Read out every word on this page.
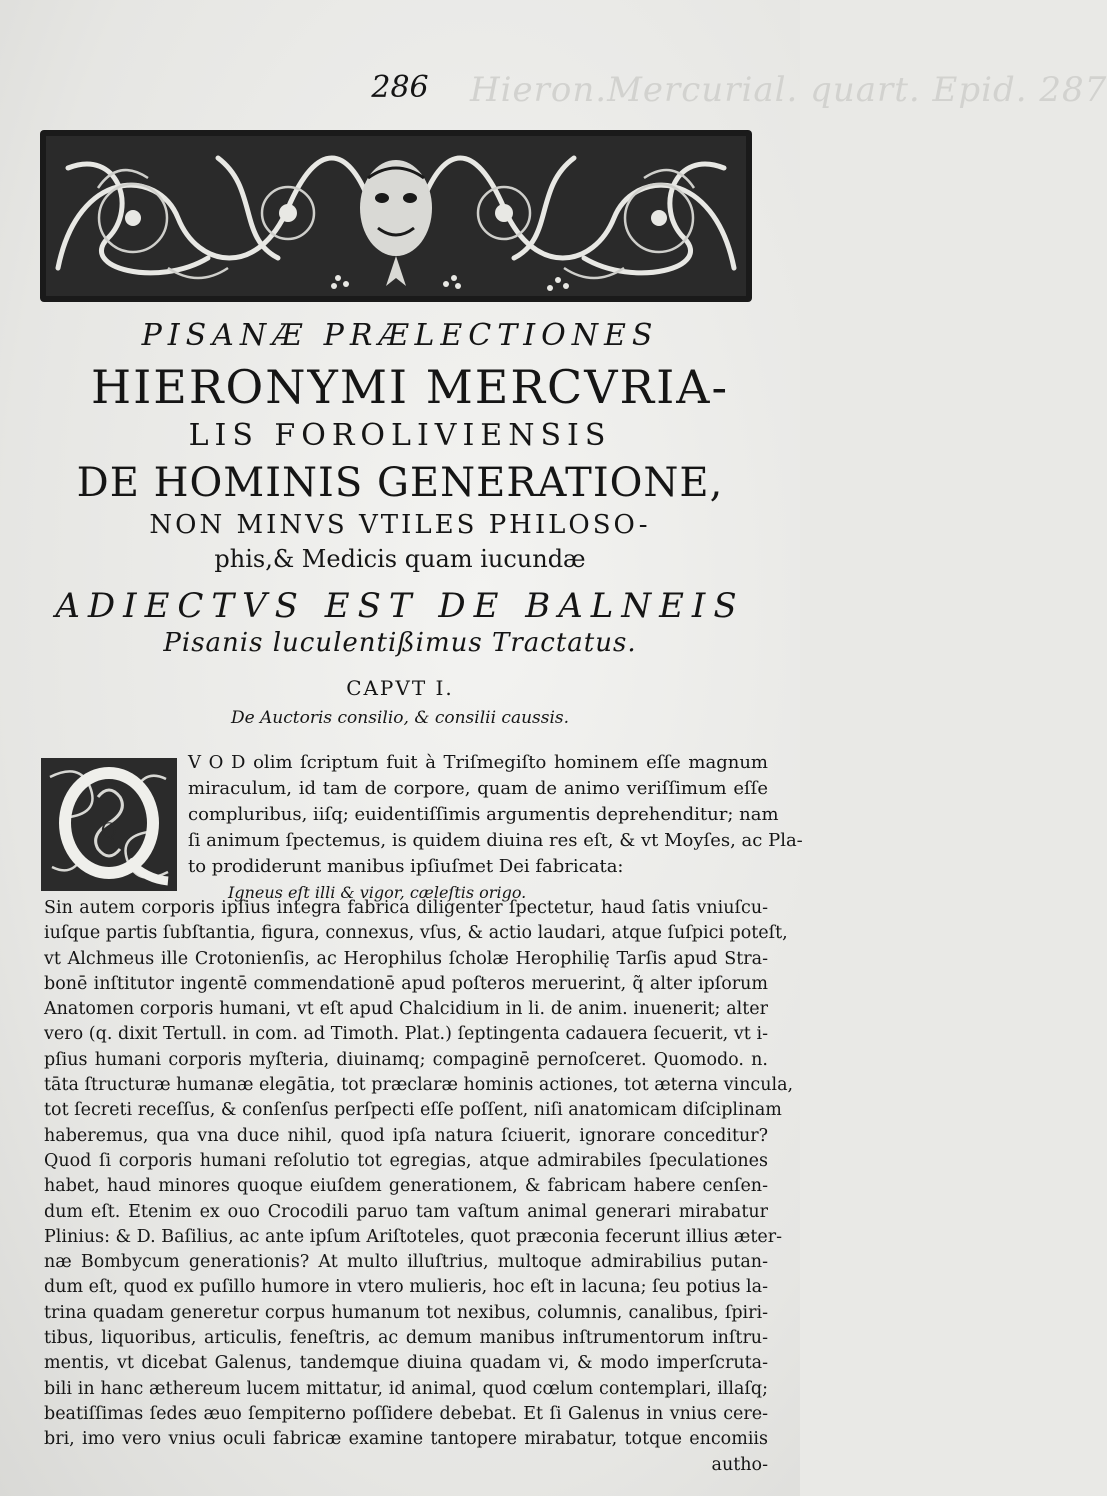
Hieron.Mercurial. quart. Epid. 287
286
PISANÆ PRÆLECTIONES
HIERONYMI MERCVRIA-
LIS FOROLIVIENSIS
DE HOMINIS GENERATIONE,
NON MINVS VTILES PHILOSO-
phis,& Medicis quam iucundæ
ADIECTVS EST DE BALNEIS
Pisanis luculentißimus Tractatus.
CAPVT I.
De Auctoris consilio, & consilii caussis.
Q
V O D olim ſcriptum fuit à Triſmegiſto hominem eſſe magnum
miraculum, id tam de corpore, quam de animo veriſſimum eſſe
compluribus, iiſq; euidentiſſimis argumentis deprehenditur; nam
ſi animum ſpectemus, is quidem diuina res eſt, & vt Moyſes, ac Pla-
to prodiderunt manibus ipſiuſmet Dei fabricata:
Igneus eſt illi & vigor, cæleſtis origo.
Sin autem corporis ipſius integra fabrica diligenter ſpectetur, haud ſatis vniuſcu-
iuſque partis ſubſtantia, figura, connexus, vſus, & actio laudari, atque ſuſpici poteſt,
vt Alchmeus ille Crotonienſis, ac Herophilus ſcholæ Herophilię Tarſis apud Stra-
bonē inſtitutor ingentē commendationē apud poſteros meruerint, q̃ alter ipſorum
Anatomen corporis humani, vt eſt apud Chalcidium in li. de anim. inuenerit; alter
vero (q. dixit Tertull. in com. ad Timoth. Plat.) ſeptingenta cadauera ſecuerit, vt i-
pſius humani corporis myſteria, diuinamq; compaginē pernoſceret. Quomodo. n.
tāta ſtructuræ humanæ elegātia, tot præclaræ hominis actiones, tot æterna vincula,
tot ſecreti receſſus, & conſenſus perſpecti eſſe poſſent, niſi anatomicam diſciplinam
haberemus, qua vna duce nihil, quod ipſa natura ſciuerit, ignorare conceditur?
Quod ſi corporis humani reſolutio tot egregias, atque admirabiles ſpeculationes
habet, haud minores quoque eiuſdem generationem, & fabricam habere cenſen-
dum eſt. Etenim ex ouo Crocodili paruo tam vaſtum animal generari mirabatur
Plinius: & D. Baſilius, ac ante ipſum Ariſtoteles, quot præconia fecerunt illius æter-
næ Bombycum generationis? At multo illuſtrius, multoque admirabilius putan-
dum eſt, quod ex puſillo humore in vtero mulieris, hoc eſt in lacuna; ſeu potius la-
trina quadam generetur corpus humanum tot nexibus, columnis, canalibus, ſpiri-
tibus, liquoribus, articulis, feneſtris, ac demum manibus inſtrumentorum inſtru-
mentis, vt dicebat Galenus, tandemque diuina quadam vi, & modo imperſcruta-
bili in hanc æthereum lucem mittatur, id animal, quod cœlum contemplari, illaſq;
beatiſſimas ſedes æuo ſempiterno poſſidere debebat. Et ſi Galenus in vnius cere-
bri, imo vero vnius oculi fabricæ examine tantopere mirabatur, totque encomiis
autho-
